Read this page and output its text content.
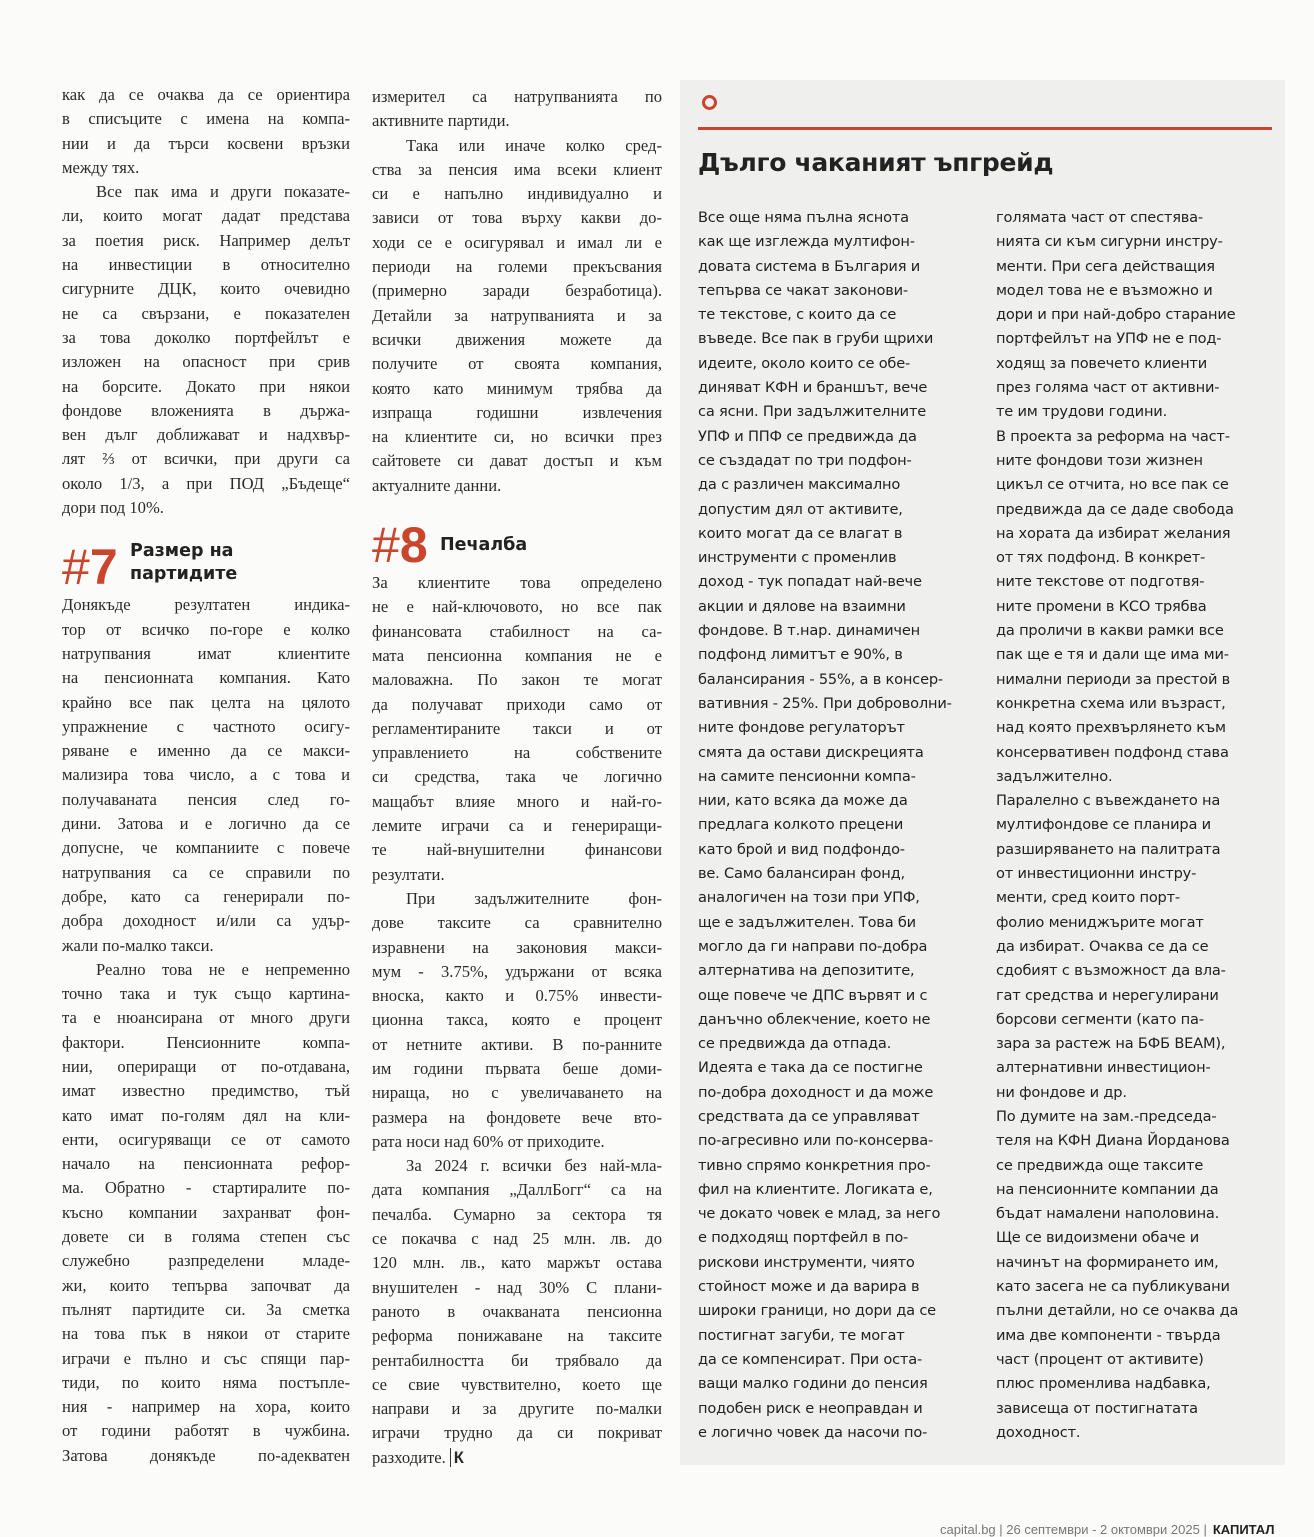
как да се очаква да се ориентира
в списъците с имена на компа-
нии и да търси косвени връзки
между тях.
Все пак има и други показате-
ли, които могат дадат представа
за поетия риск. Например делът
на инвестиции в относително
сигурните ДЦК, които очевидно
не са свързани, е показателен
за това доколко портфейлът е
изложен на опасност при срив
на борсите. Докато при някои
фондове вложенията в държа-
вен дълг доближават и надхвър-
лят ⅔ от всички, при други са
около 1/3, а при ПОД „Бъдеще“
дори под 10%.
#7 Размер на
партидите
Донякъде резултатен индика-
тор от всичко по-горе е колко
натрупвания имат клиентите
на пенсионната компания. Като
крайно все пак целта на цялото
упражнение с частното осигу-
ряване е именно да се макси-
мализира това число, а с това и
получаваната пенсия след го-
дини. Затова и е логично да се
допусне, че компаниите с повече
натрупвания са се справили по
добре, като са генерирали по-
добра доходност и/или са удър-
жали по-малко такси.
Реално това не е непременно
точно така и тук също картина-
та е нюансирана от много други
фактори. Пенсионните компа-
нии, опериращи от по-отдавана,
имат известно предимство, тъй
като имат по-голям дял на кли-
енти, осигуряващи се от самото
начало на пенсионната рефор-
ма. Обратно - стартиралите по-
късно компании захранват фон-
довете си в голяма степен със
служебно разпределени младе-
жи, които тепърва започват да
пълнят партидите си. За сметка
на това пък в някои от старите
играчи е пълно и със спящи пар-
тиди, по които няма постъпле-
ния - например на хора, които
от години работят в чужбина.
Затова донякъде по-адекватен
измерител са натрупванията по
активните партиди.
Така или иначе колко сред-
ства за пенсия има всеки клиент
си е напълно индивидуално и
зависи от това върху какви до-
ходи се е осигурявал и имал ли е
периоди на големи прекъсвания
(примерно заради безработица).
Детайли за натрупванията и за
всички движения можете да
получите от своята компания,
която като минимум трябва да
изпраща годишни извлечения
на клиентите си, но всички през
сайтовете си дават достъп и към
актуалните данни.
#8 Печалба
За клиентите това определено
не е най-ключовото, но все пак
финансовата стабилност на са-
мата пенсионна компания не е
маловажна. По закон те могат
да получават приходи само от
регламентираните такси и от
управлението на собствените
си средства, така че логично
мащабът влияе много и най-го-
лемите играчи са и генериращи-
те най-внушителни финансови
резултати.
При задължителните фон-
дове таксите са сравнително
изравнени на законовия макси-
мум - 3.75%, удържани от всяка
вноска, както и 0.75% инвести-
ционна такса, която е процент
от нетните активи. В по-ранните
им години първата беше доми-
нираща, но с увеличаването на
размера на фондовете вече вто-
рата носи над 60% от приходите.
За 2024 г. всички без най-мла-
дата компания „ДаллБогг“ са на
печалба. Сумарно за сектора тя
се покачва с над 25 млн. лв. до
120 млн. лв., като маржът остава
внушителен - над 30% С плани-
раното в очакваната пенсионна
реформа понижаване на таксите
рентабилността би трябвало да
се свие чувствително, което ще
направи и за другите по-малки
играчи трудно да си покриват
разходите. К
Дълго чаканият ъпгрейд
Все още няма пълна яснота
как ще изглежда мултифон-
довата система в България и
тепърва се чакат законови-
те текстове, с които да се
въведе. Все пак в груби щрихи
идеите, около които се обе-
диняват КФН и браншът, вече
са ясни. При задължителните
УПФ и ППФ се предвижда да
се създадат по три подфон-
да с различен максимално
допустим дял от активите,
които могат да се влагат в
инструменти с променлив
доход - тук попадат най-вече
акции и дялове на взаимни
фондове. В т.нар. динамичен
подфонд лимитът е 90%, в
балансирания - 55%, а в консер-
вативния - 25%. При доброволни-
ните фондове регулаторът
смята да остави дискрецията
на самите пенсионни компа-
нии, като всяка да може да
предлага колкото прецени
като брой и вид подфондо-
ве. Само балансиран фонд,
аналогичен на този при УПФ,
ще е задължителен. Това би
могло да ги направи по-добра
алтернатива на депозитите,
още повече че ДПС вървят и с
данъчно облекчение, което не
се предвижда да отпада.
Идеята е така да се постигне
по-добра доходност и да може
средствата да се управляват
по-агресивно или по-консерва-
тивно спрямо конкретния про-
фил на клиентите. Логиката е,
че докато човек е млад, за него
е подходящ портфейл в по-
рискови инструменти, чиято
стойност може и да варира в
широки граници, но дори да се
постигнат загуби, те могат
да се компенсират. При оста-
ващи малко години до пенсия
подобен риск е неоправдан и
е логично човек да насочи по-
голямата част от спестява-
нията си към сигурни инстру-
менти. При сега действащия
модел това не е възможно и
дори и при най-добро старание
портфейлът на УПФ не е под-
ходящ за повечето клиенти
през голяма част от активни-
те им трудови години.
В проекта за реформа на част-
ните фондови този жизнен
цикъл се отчита, но все пак се
предвижда да се даде свобода
на хората да избират желания
от тях подфонд. В конкрет-
ните текстове от подготвя-
ните промени в КСО трябва
да проличи в какви рамки все
пак ще е тя и дали ще има ми-
нимални периоди за престой в
конкретна схема или възраст,
над която прехвърлянето към
консервативен подфонд става
задължително.
Паралелно с въвеждането на
мултифондове се планира и
разширяването на палитрата
от инвестиционни инстру-
менти, сред които порт-
фолио мениджърите могат
да избират. Очаква се да се
сдобият с възможност да вла-
гат средства и нерегулирани
борсови сегменти (като па-
зара за растеж на БФБ BEAM),
алтернативни инвестицион-
ни фондове и др.
По думите на зам.-председа-
теля на КФН Диана Йорданова
се предвижда още таксите
на пенсионните компании да
бъдат намалени наполовина.
Ще се видоизмени обаче и
начинът на формирането им,
като засега не са публикувани
пълни детайли, но се очаква да
има две компоненти - твърда
част (процент от активите)
плюс променлива надбавка,
зависеща от постигнатата
доходност.
capital.bg | 26 септември - 2 октомври 2025 | КАПИТАЛ
